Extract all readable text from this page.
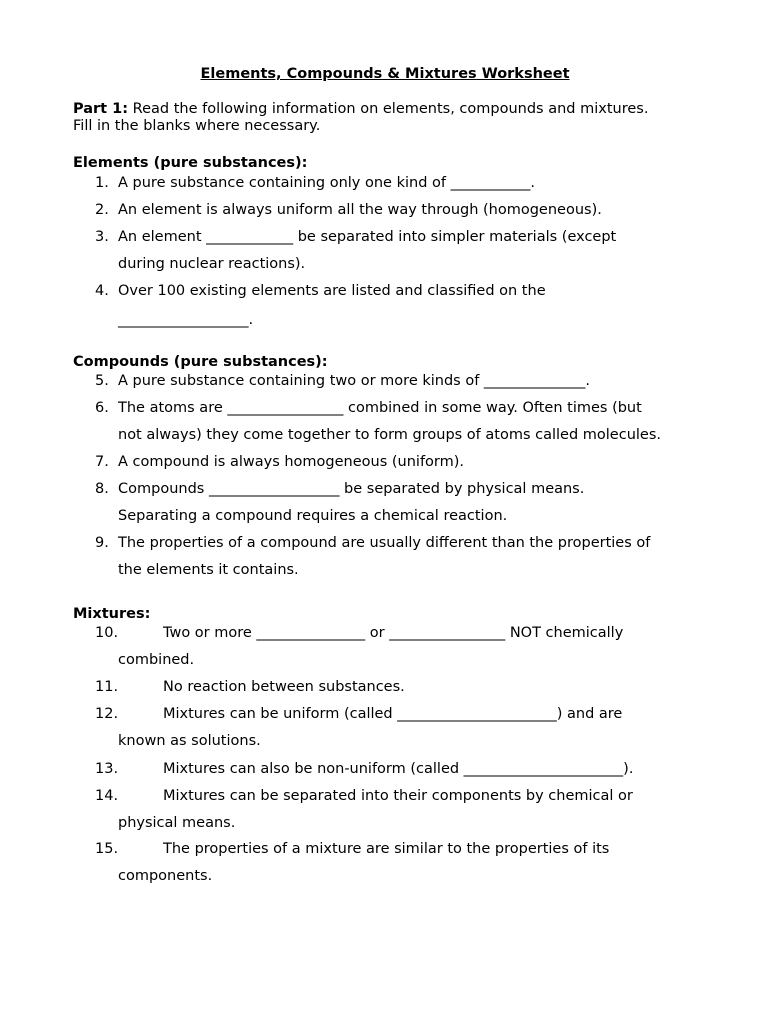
Elements, Compounds & Mixtures Worksheet
Part 1: Read the following information on elements, compounds and mixtures.
Fill in the blanks where necessary.
Elements (pure substances):
1. A pure substance containing only one kind of ___________.
2. An element is always uniform all the way through (homogeneous).
3. An element ____________ be separated into simpler materials (except
during nuclear reactions).
4. Over 100 existing elements are listed and classified on the
__________________.
Compounds (pure substances):
5. A pure substance containing two or more kinds of ______________.
6. The atoms are ________________ combined in some way. Often times (but
not always) they come together to form groups of atoms called molecules.
7. A compound is always homogeneous (uniform).
8. Compounds __________________ be separated by physical means.
Separating a compound requires a chemical reaction.
9. The properties of a compound are usually different than the properties of
the elements it contains.
Mixtures:
10.	Two or more _______________ or ________________ NOT chemically
combined.
11.	No reaction between substances.
12.	Mixtures can be uniform (called ______________________) and are
known as solutions.
13.	Mixtures can also be non-uniform (called ______________________).
14.	Mixtures can be separated into their components by chemical or
physical means.
15.	The properties of a mixture are similar to the properties of its
components.
